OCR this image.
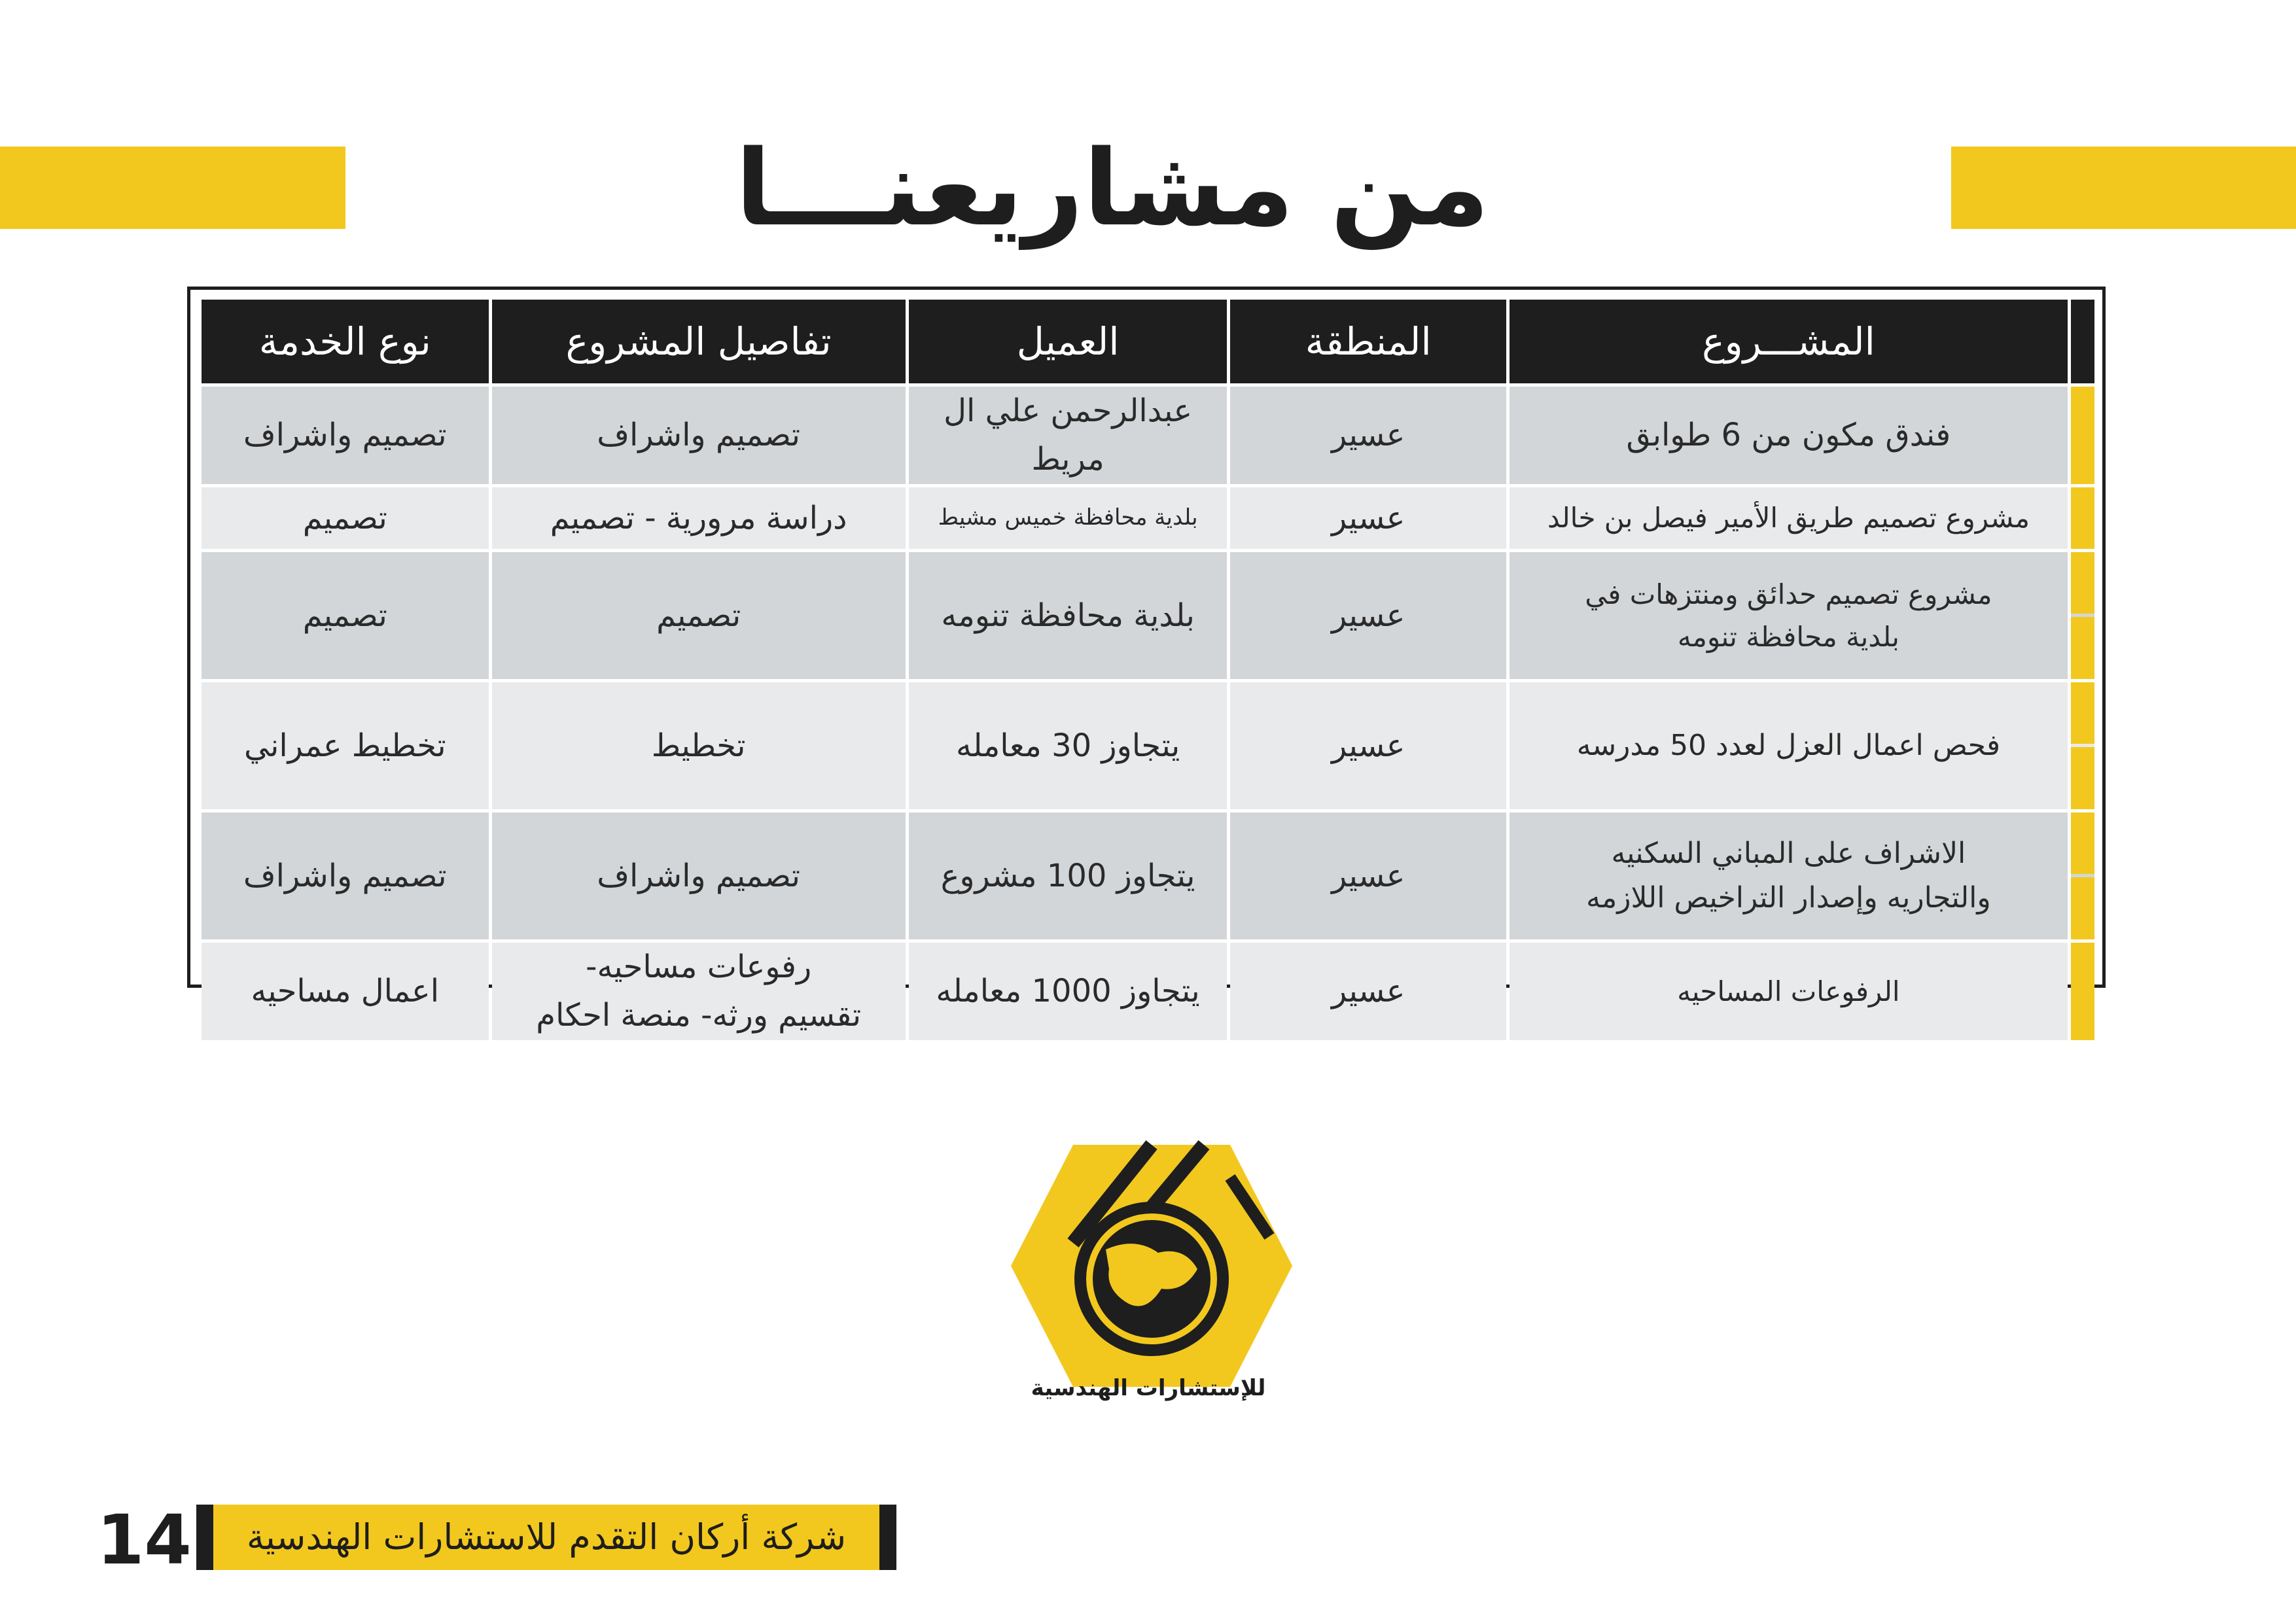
من مشاريعنـــا
	المشـــروع	المنطقة	العميل	تفاصيل المشروع	نوع الخدمة

	فندق مكون من 6 طوابق	عسير	عبدالرحمن علي ال مريط	تصميم واشراف	تصميم واشراف

	مشروع تصميم طريق الأمير فيصل بن خالد	عسير	بلدية محافظة خميس مشيط	دراسة مرورية - تصميم	تصميم

	مشروع تصميم حدائق ومنتزهات في
بلدية محافظة تنومه	عسير	بلدية محافظة تنومه	تصميم	تصميم

	فحص اعمال العزل لعدد 50 مدرسه	عسير	يتجاوز 30 معامله	تخطيط	تخطيط عمراني

	الاشراف على المباني السكنيه
والتجاريه وإصدار التراخيص اللازمه	عسير	يتجاوز 100 مشروع	تصميم واشراف	تصميم واشراف

	الرفوعات المساحيه	عسير	يتجاوز 1000 معامله	رفوعات مساحيه-
تقسيم ورثه- منصة احكام	اعمال مساحيه
للإستشارات الهندسية
14	شركة أركان التقدم للاستشارات الهندسية
